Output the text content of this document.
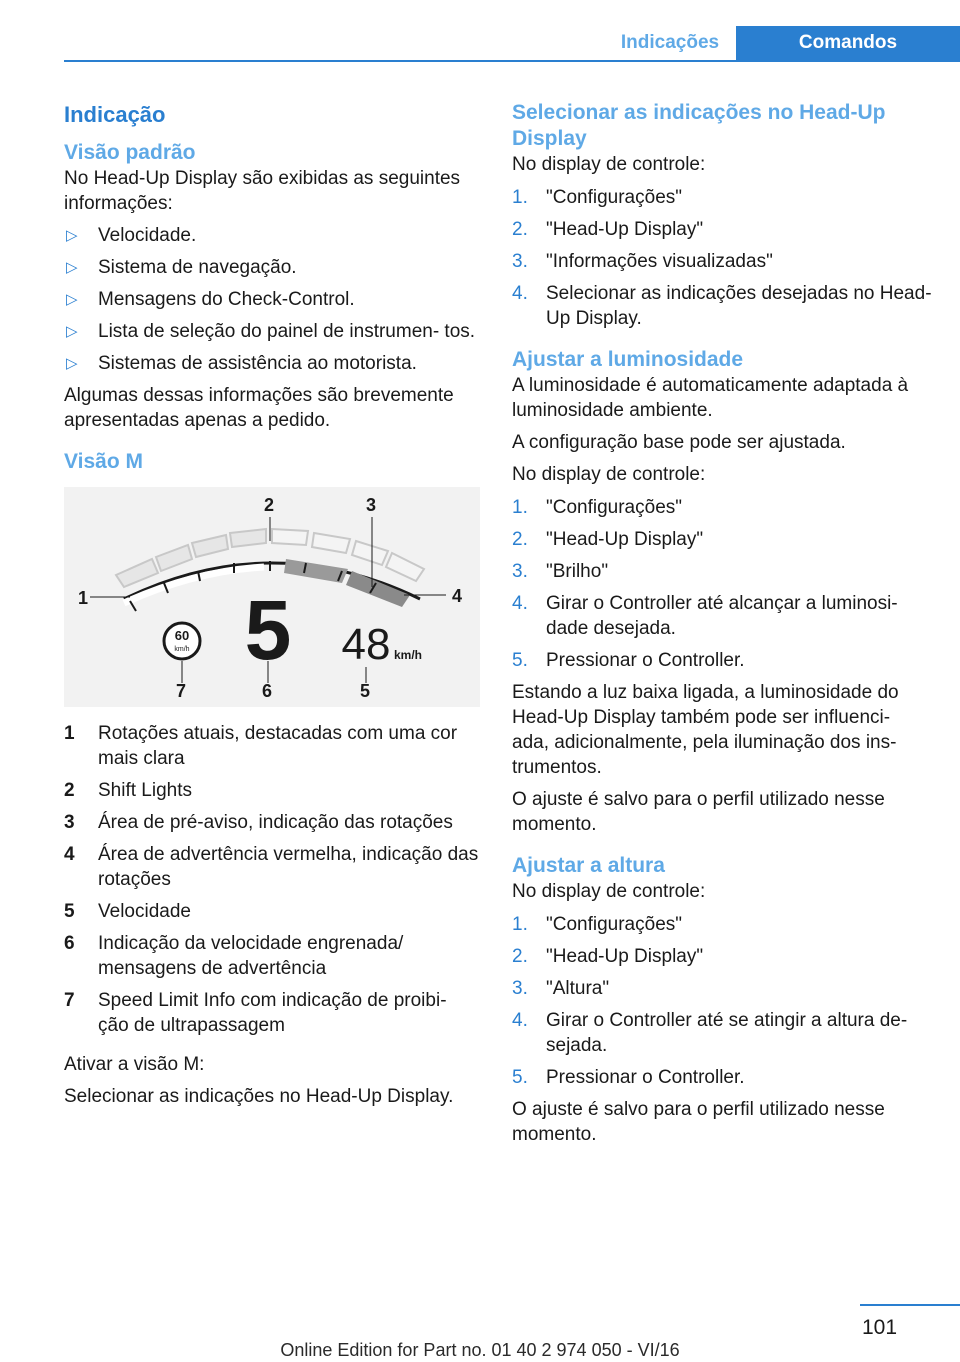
Indicações	Comandos
Indicação
Visão padrão

No Head-Up Display são exibidas as seguintes informações:

▷ Velocidade.
▷ Sistema de navegação.
▷ Mensagens do Check-Control.
▷ Lista de seleção do painel de instrumen‐ tos.
▷ Sistemas de assistência ao motorista.

Algumas dessas informações são brevemente apresentadas apenas a pedido.

Visão M
1
2	3
4
5
6
7
60
km/h 5 48 km/h
1 Rotações atuais, destacadas com uma cor mais clara
2 Shift Lights
3 Área de pré-aviso, indicação das rotações
4 Área de advertência vermelha, indicação das rotações
5 Velocidade
6 Indicação da velocidade engrenada/ mensagens de advertência
7 Speed Limit Info com indicação de proibi‐ ção de ultrapassagem

Ativar a visão M:

Selecionar as indicações no Head-Up Display.

Selecionar as indicações no Head-Up Display

No display de controle:

1. "Configurações"
2. "Head-Up Display"
3. "Informações visualizadas"
4. Selecionar as indicações desejadas no Head-Up Display.
Ajustar a luminosidade

A luminosidade é automaticamente adaptada à luminosidade ambiente.

A configuração base pode ser ajustada.

No display de controle:

1. "Configurações"
2. "Head-Up Display"
3. "Brilho"
4. Girar o Controller até alcançar a luminosi‐ dade desejada.
5. Pressionar o Controller.

Estando a luz baixa ligada, a luminosidade do Head-Up Display também pode ser influenci‐ ada, adicionalmente, pela iluminação dos ins‐ trumentos.

O ajuste é salvo para o perfil utilizado nesse momento.

Ajustar a altura

No display de controle:

1. "Configurações"
2. "Head-Up Display"
3. "Altura"
4. Girar o Controller até se atingir a altura de‐ sejada.
5. Pressionar o Controller.

O ajuste é salvo para o perfil utilizado nesse momento.

101
Online Edition for Part no. 01 40 2 974 050 - VI/16
